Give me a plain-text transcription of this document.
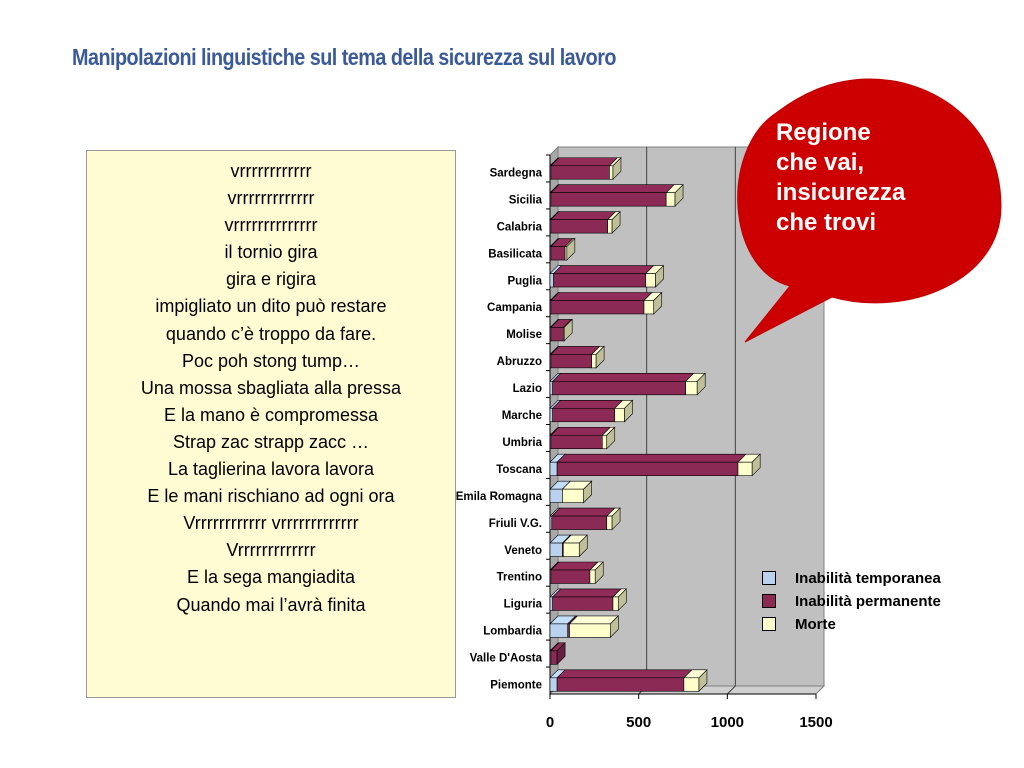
Manipolazioni linguistiche sul tema della sicurezza sul lavoro
vrrrrrrrrrrrr
vrrrrrrrrrrrrr
vrrrrrrrrrrrrrr
il tornio gira
gira e rigira
impigliato un dito può restare
quando c’è troppo da fare.
Poc poh stong tump…
Una mossa sbagliata alla pressa
E la mano è compromessa
Strap zac strapp zacc …
La taglierina lavora lavora
E le mani rischiano ad ogni ora
Vrrrrrrrrrrrr vrrrrrrrrrrrrr
Vrrrrrrrrrrrrr
E la sega mangiadita
Quando mai l’avrà finita
0	500	1000	1500
Sardegna
Sicilia
Calabria
Basilicata
Puglia
Campania
Molise
Abruzzo
Lazio
Marche
Umbria
Toscana
Emila Romagna
Friuli V.G.
Veneto
Trentino
Liguria
Lombardia
Valle D'Aosta
Piemonte
Regione
che vai,
insicurezza
che trovi
Inabilità temporanea
Inabilità permanente
Morte
